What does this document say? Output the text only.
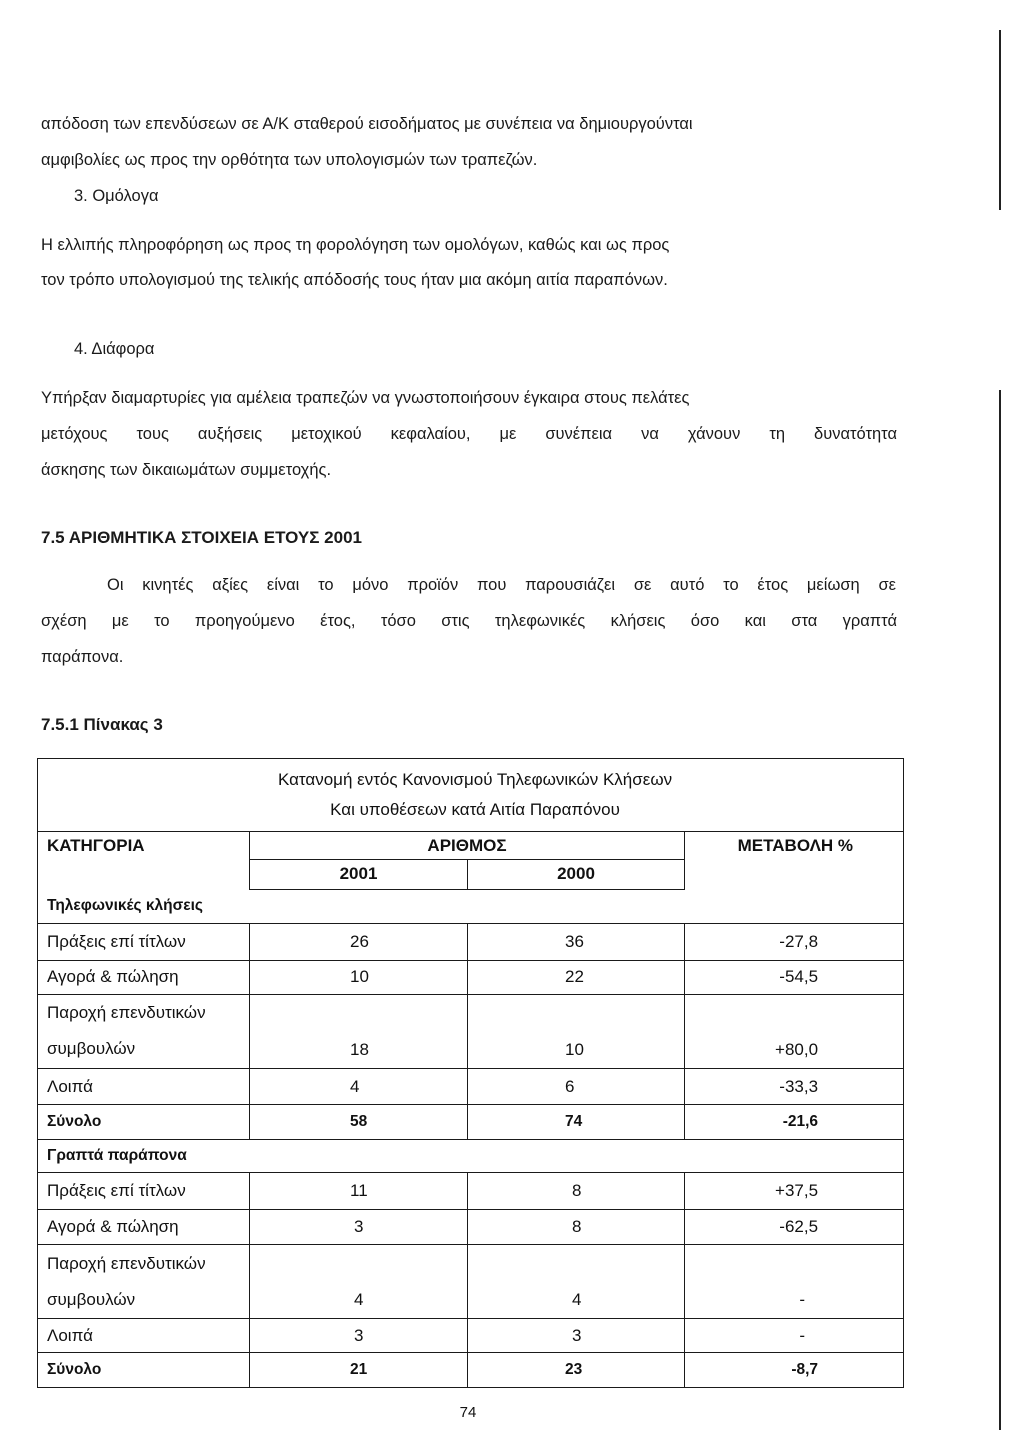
απόδοση των επενδύσεων σε Α/Κ σταθερού εισοδήματος με συνέπεια να δημιουργούνται
αμφιβολίες ως προς την ορθότητα των υπολογισμών των τραπεζών.
3. Ομόλογα
Η ελλιπής πληροφόρηση ως προς τη φορολόγηση των ομολόγων, καθώς και ως προς
τον τρόπο υπολογισμού της τελικής απόδοσής τους ήταν μια ακόμη αιτία παραπόνων.
4. Διάφορα
Υπήρξαν διαμαρτυρίες για αμέλεια τραπεζών να γνωστοποιήσουν έγκαιρα στους πελάτες
μετόχους τους αυξήσεις μετοχικού κεφαλαίου, με συνέπεια να χάνουν τη δυνατότητα
άσκησης των δικαιωμάτων συμμετοχής.
7.5 ΑΡΙΘΜΗΤΙΚΑ ΣΤΟΙΧΕΙΑ ΕΤΟΥΣ 2001
Οι κινητές αξίες είναι το μόνο προϊόν που παρουσιάζει σε αυτό το έτος μείωση σε
σχέση με το προηγούμενο έτος, τόσο στις τηλεφωνικές κλήσεις όσο και στα γραπτά
παράπονα.
7.5.1 Πίνακας 3
Κατανομή εντός Κανονισμού Τηλεφωνικών Κλήσεων
Και υποθέσεων κατά Αιτία Παραπόνου			

ΚΑΤΗΓΟΡΙΑ	ΑΡΙΘΜΟΣ		ΜΕΤΑΒΟΛΗ %
	2001	2000	
Τηλεφωνικές κλήσεις			
Πράξεις επί τίτλων	26	36	-27,8
Αγορά & πώληση	10	22	-54,5

Παροχή επενδυτικών
συμβουλών	18	10	+80,0
Λοιπά	4	6	-33,3
Σύνολο	58	74	-21,6
Γραπτά παράπονα			
Πράξεις επί τίτλων	11	8	+37,5
Αγορά & πώληση	3	8	-62,5

Παροχή επενδυτικών
συμβουλών	4	4	-
Λοιπά	3	3	-
Σύνολο	21	23	-8,7
74
